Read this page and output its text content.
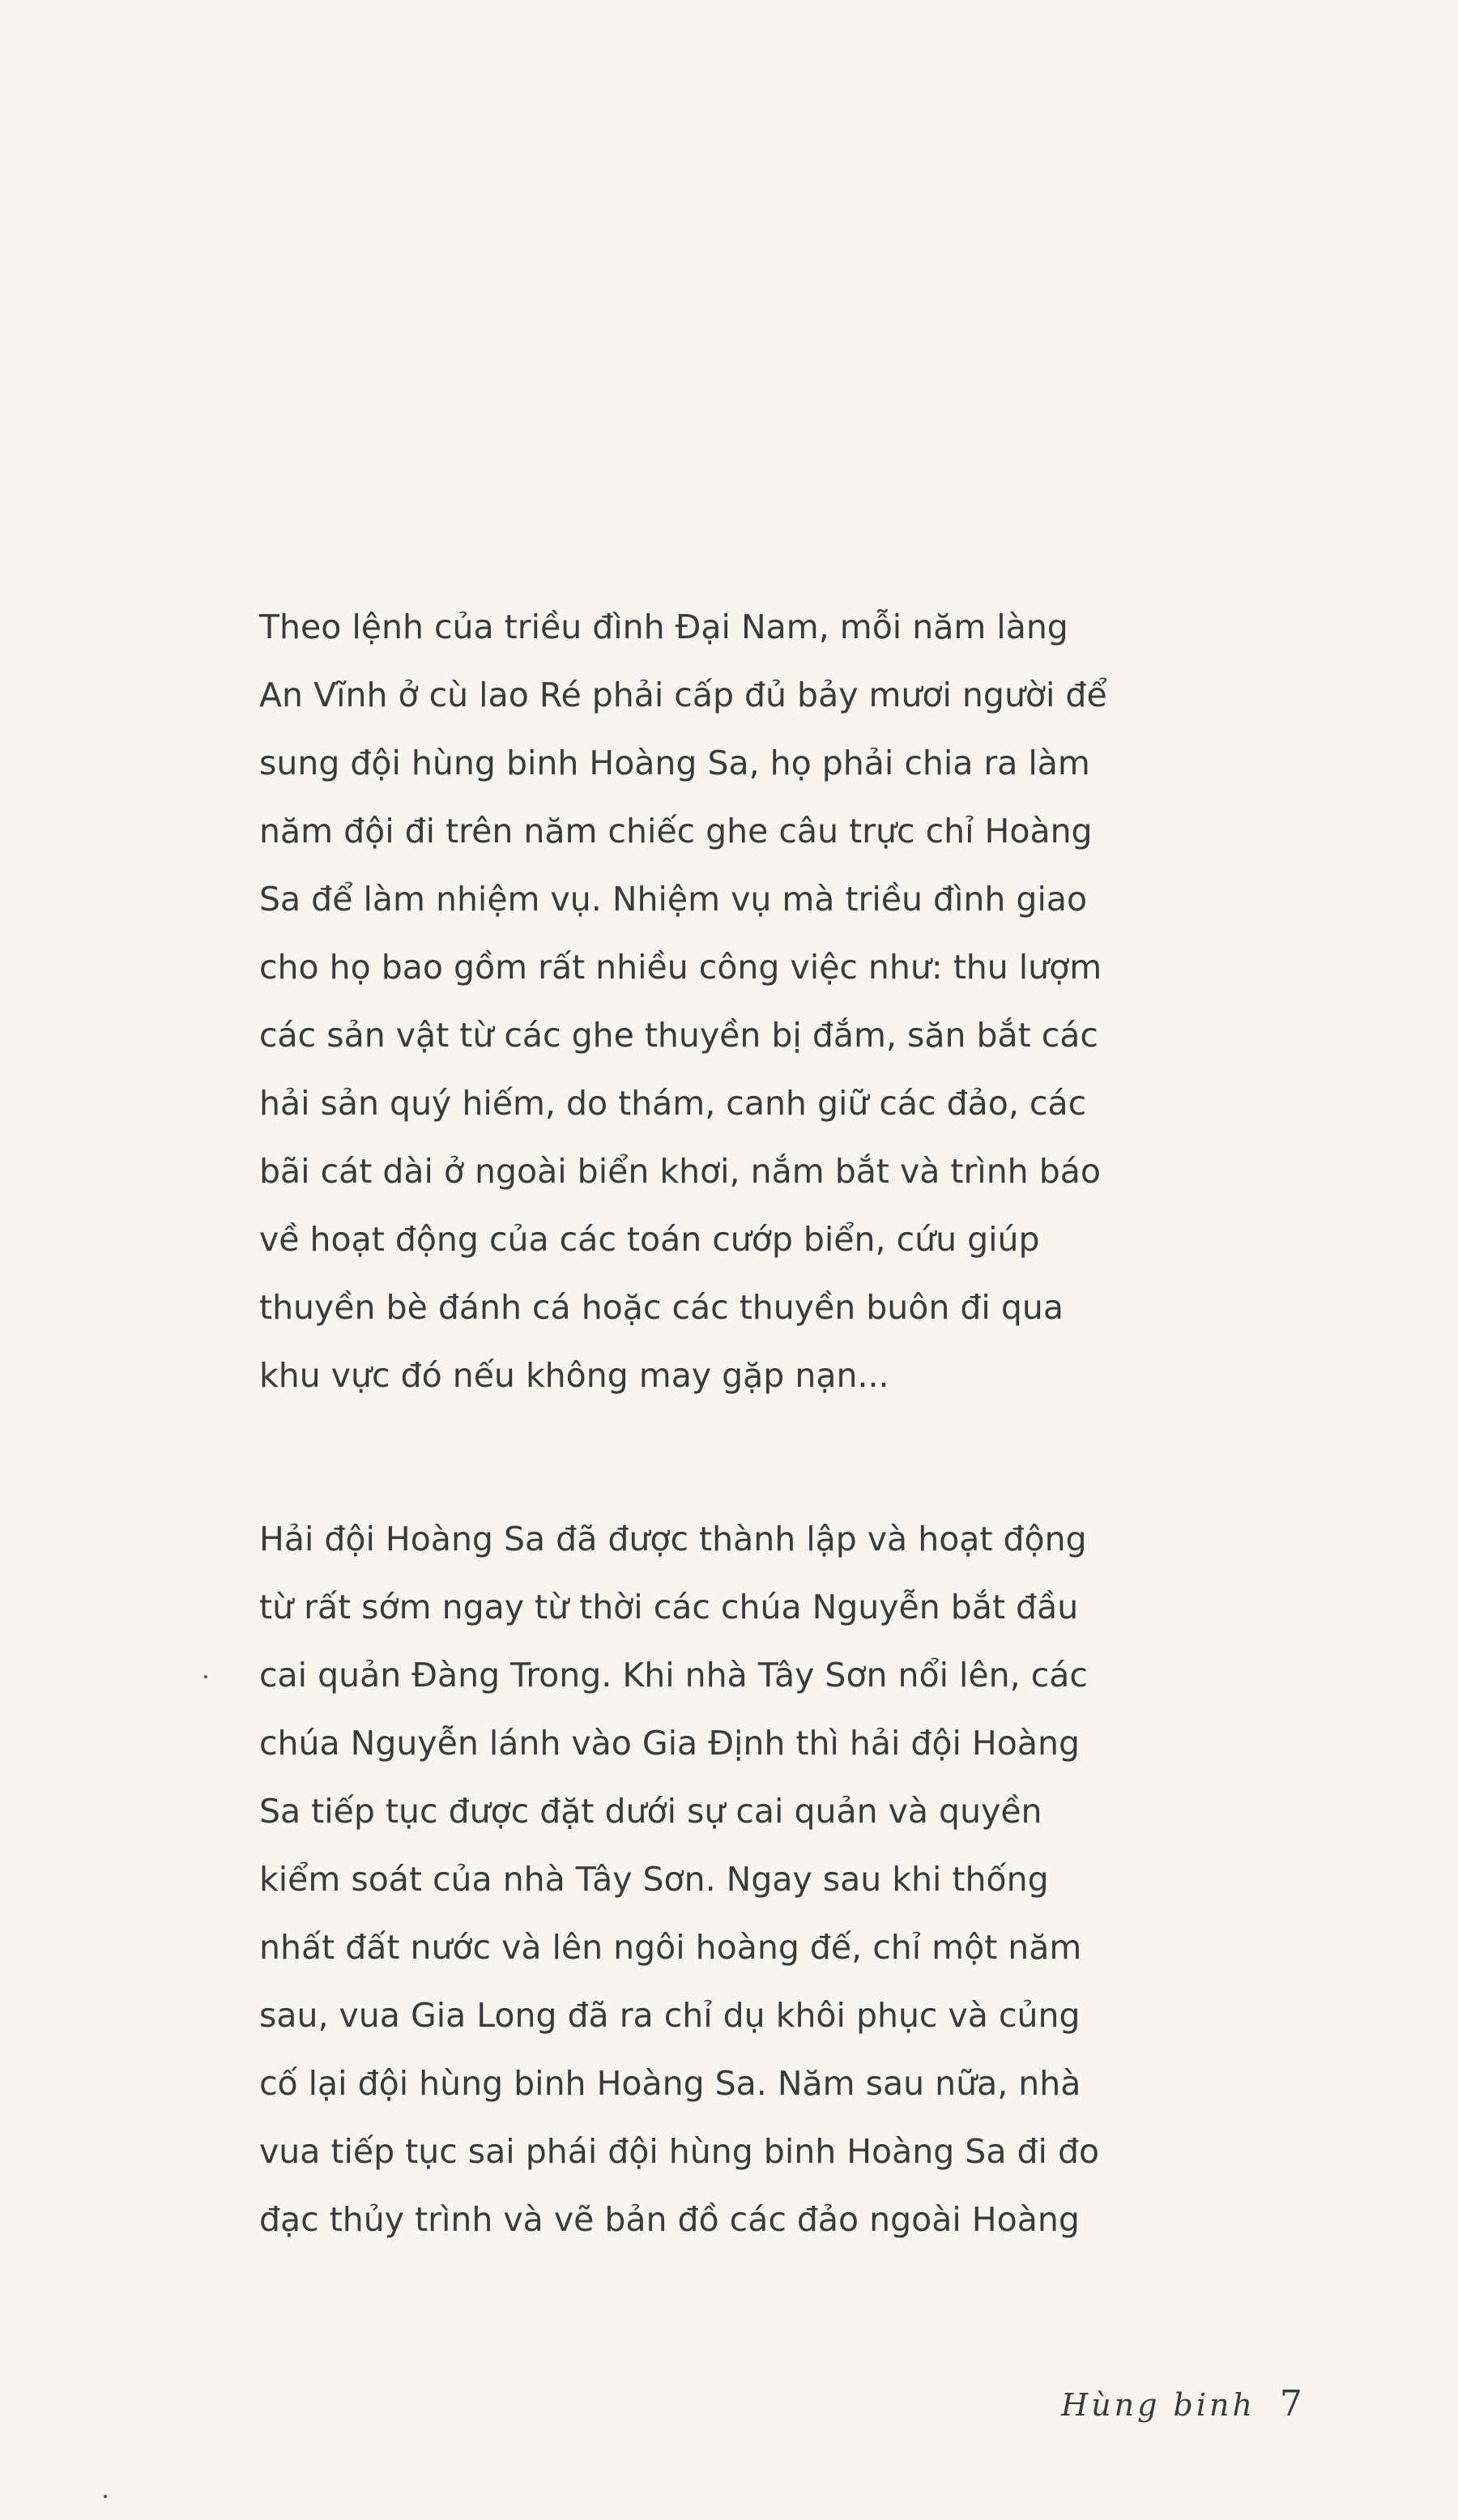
Theo lệnh của triều đình Đại Nam, mỗi năm làng
An Vĩnh ở cù lao Ré phải cấp đủ bảy mươi người để
sung đội hùng binh Hoàng Sa, họ phải chia ra làm
năm đội đi trên năm chiếc ghe câu trực chỉ Hoàng
Sa để làm nhiệm vụ. Nhiệm vụ mà triều đình giao
cho họ bao gồm rất nhiều công việc như: thu lượm
các sản vật từ các ghe thuyền bị đắm, săn bắt các
hải sản quý hiếm, do thám, canh giữ các đảo, các
bãi cát dài ở ngoài biển khơi, nắm bắt và trình báo
về hoạt động của các toán cướp biển, cứu giúp
thuyền bè đánh cá hoặc các thuyền buôn đi qua
khu vực đó nếu không may gặp nạn...
Hải đội Hoàng Sa đã được thành lập và hoạt động
từ rất sớm ngay từ thời các chúa Nguyễn bắt đầu
cai quản Đàng Trong. Khi nhà Tây Sơn nổi lên, các
chúa Nguyễn lánh vào Gia Định thì hải đội Hoàng
Sa tiếp tục được đặt dưới sự cai quản và quyền
kiểm soát của nhà Tây Sơn. Ngay sau khi thống
nhất đất nước và lên ngôi hoàng đế, chỉ một năm
sau, vua Gia Long đã ra chỉ dụ khôi phục và củng
cố lại đội hùng binh Hoàng Sa. Năm sau nữa, nhà
vua tiếp tục sai phái đội hùng binh Hoàng Sa đi đo
đạc thủy trình và vẽ bản đồ các đảo ngoài Hoàng
Hùng binh 7
